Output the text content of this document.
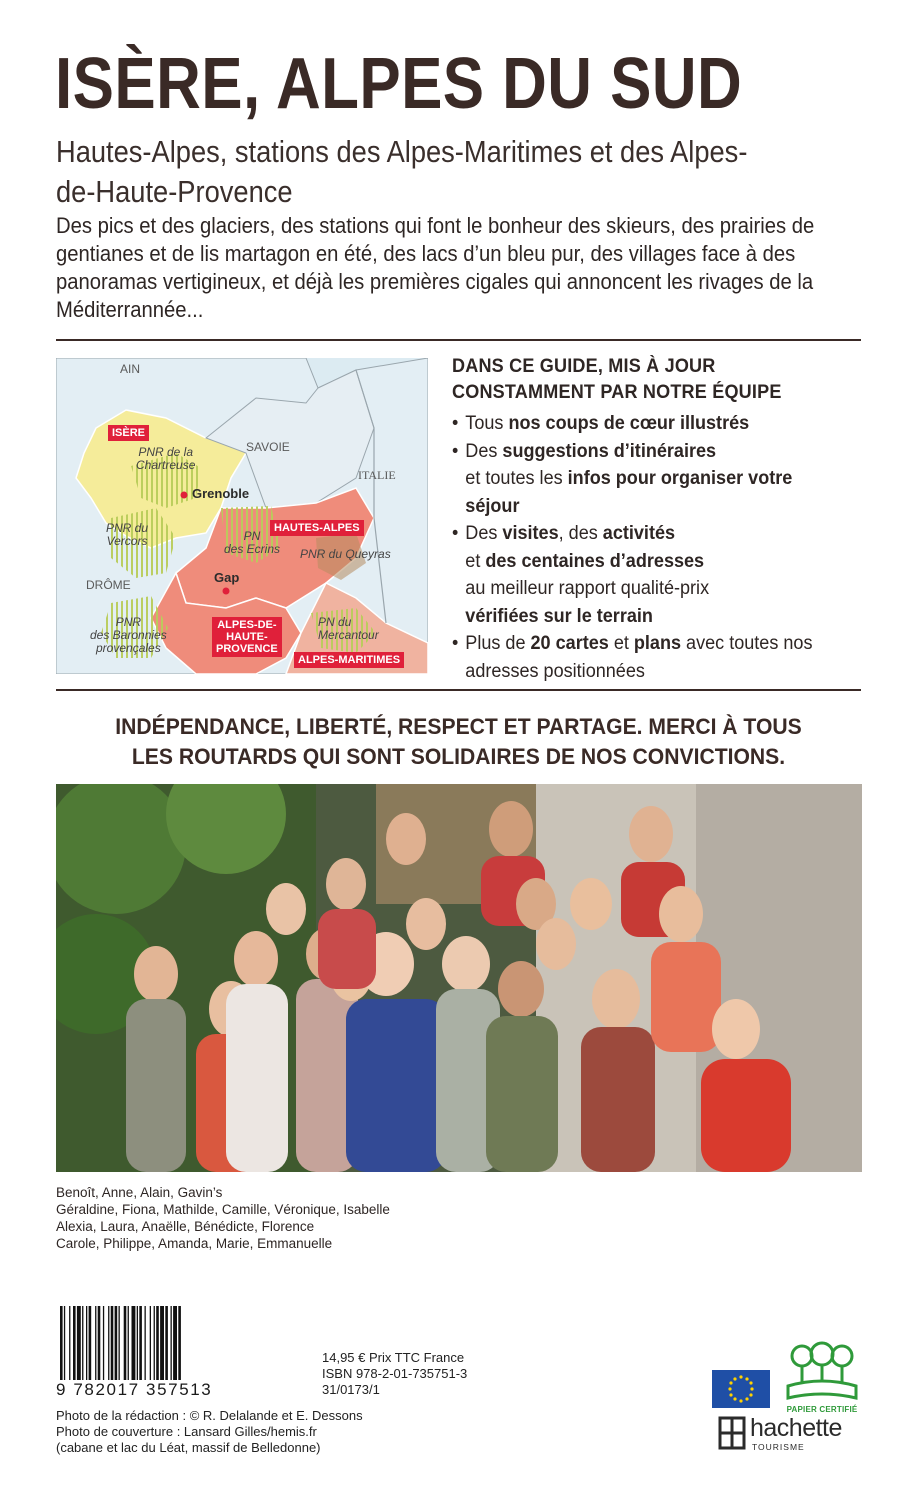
ISÈRE, ALPES DU SUD
Hautes-Alpes, stations des Alpes-Maritimes et des Alpes-de-Haute-Provence
Des pics et des glaciers, des stations qui font le bonheur des skieurs, des prairies de gentianes et de lis martagon en été, des lacs d’un bleu pur, des villages face à des panoramas vertigineux, et déjà les premières cigales qui annoncent les rivages de la Méditerrannée...
AIN
SAVOIE
ITALIE
DRÔME
ISÈRE
HAUTES-ALPES
ALPES-DE-
HAUTE-
PROVENCE
ALPES-MARITIMES
Grenoble
Gap
PNR de la
Chartreuse
PNR du
Vercors	PN
des Ecrins PNR du Queyras
PNR
des Baronnies
provençales
PN du
Mercantour
DANS CE GUIDE, MIS À JOUR
CONSTAMMENT PAR NOTRE ÉQUIPE
• Tous nos coups de cœur illustrés
• Des suggestions d’itinéraires
et toutes les infos pour organiser votre séjour
• Des visites, des activités
et des centaines d’adresses
au meilleur rapport qualité-prix
vérifiées sur le terrain
• Plus de 20 cartes et plans avec toutes nos adresses positionnées
INDÉPENDANCE, LIBERTÉ, RESPECT ET PARTAGE. MERCI À TOUS
LES ROUTARDS QUI SONT SOLIDAIRES DE NOS CONVICTIONS.
Benoît, Anne, Alain, Gavin’s
Géraldine, Fiona, Mathilde, Camille, Véronique, Isabelle
Alexia, Laura, Anaëlle, Bénédicte, Florence
Carole, Philippe, Amanda, Marie, Emmanuelle
9 782017 357513
14,95 € Prix TTC France
ISBN 978-2-01-735751-3
31/0173/1
Photo de la rédaction : © R. Delalande et E. Dessons
Photo de couverture : Lansard Gilles/hemis.fr
(cabane et lac du Léat, massif de Belledonne)
PAPIER CERTIFIÉ
hachette
TOURISME
